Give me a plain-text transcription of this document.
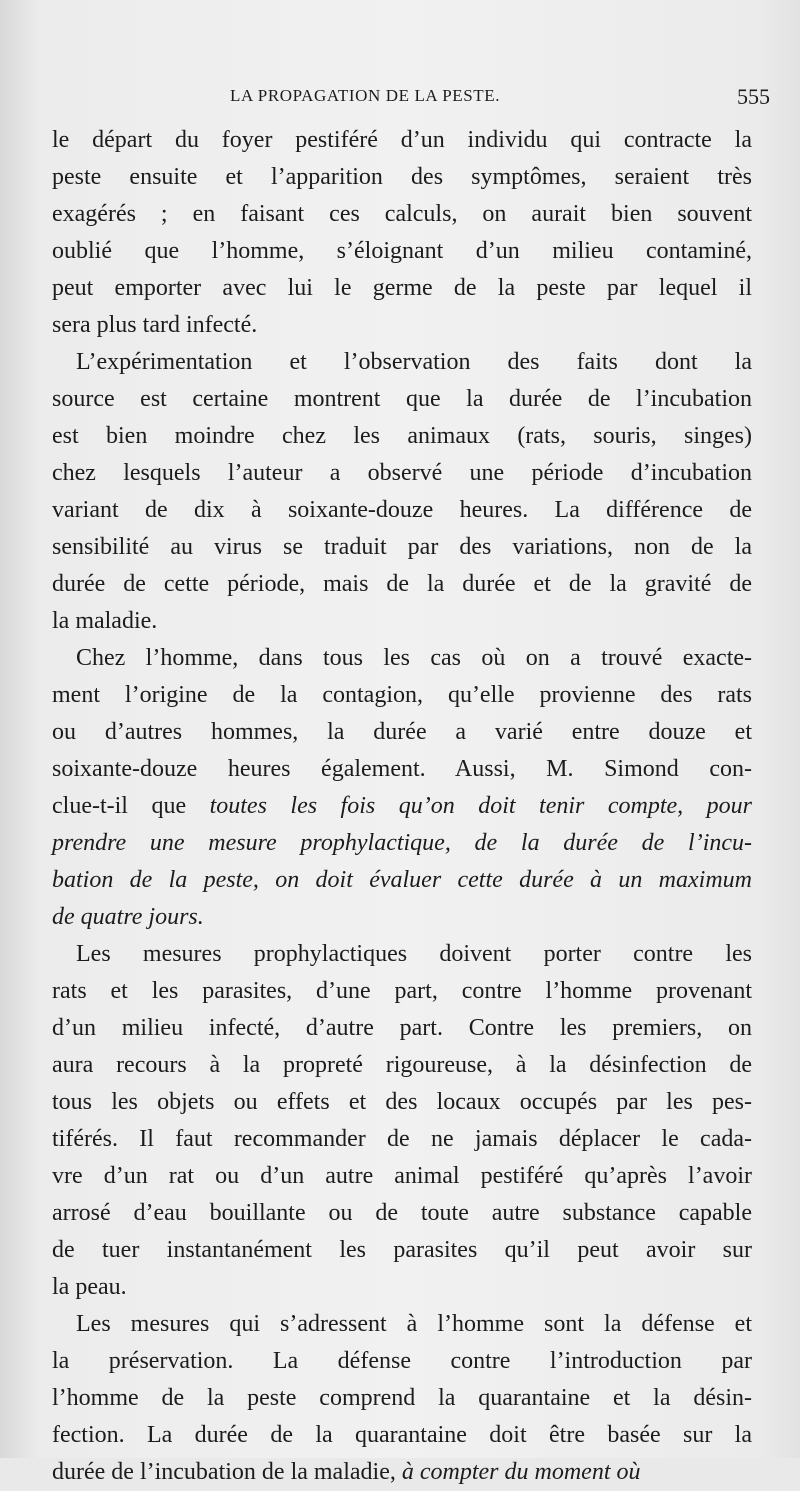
LA PROPAGATION DE LA PESTE.	555
le départ du foyer pestiféré d’un individu qui contracte la
peste ensuite et l’apparition des symptômes, seraient très
exagérés ; en faisant ces calculs, on aurait bien souvent
oublié que l’homme, s’éloignant d’un milieu contaminé,
peut emporter avec lui le germe de la peste par lequel il
sera plus tard infecté.
L’expérimentation et l’observation des faits dont la
source est certaine montrent que la durée de l’incubation
est bien moindre chez les animaux (rats, souris, singes)
chez lesquels l’auteur a observé une période d’incubation
variant de dix à soixante-douze heures. La différence de
sensibilité au virus se traduit par des variations, non de la
durée de cette période, mais de la durée et de la gravité de
la maladie.
Chez l’homme, dans tous les cas où on a trouvé exacte-
ment l’origine de la contagion, qu’elle provienne des rats
ou d’autres hommes, la durée a varié entre douze et
soixante-douze heures également. Aussi, M. Simond con-
clue-t-il que toutes les fois qu’on doit tenir compte, pour
prendre une mesure prophylactique, de la durée de l’incu-
bation de la peste, on doit évaluer cette durée à un maximum
de quatre jours.
Les mesures prophylactiques doivent porter contre les
rats et les parasites, d’une part, contre l’homme provenant
d’un milieu infecté, d’autre part. Contre les premiers, on
aura recours à la propreté rigoureuse, à la désinfection de
tous les objets ou effets et des locaux occupés par les pes-
tiférés. Il faut recommander de ne jamais déplacer le cada-
vre d’un rat ou d’un autre animal pestiféré qu’après l’avoir
arrosé d’eau bouillante ou de toute autre substance capable
de tuer instantanément les parasites qu’il peut avoir sur
la peau.
Les mesures qui s’adressent à l’homme sont la défense et
la préservation. La défense contre l’introduction par
l’homme de la peste comprend la quarantaine et la désin-
fection. La durée de la quarantaine doit être basée sur la
durée de l’incubation de la maladie, à compter du moment où
